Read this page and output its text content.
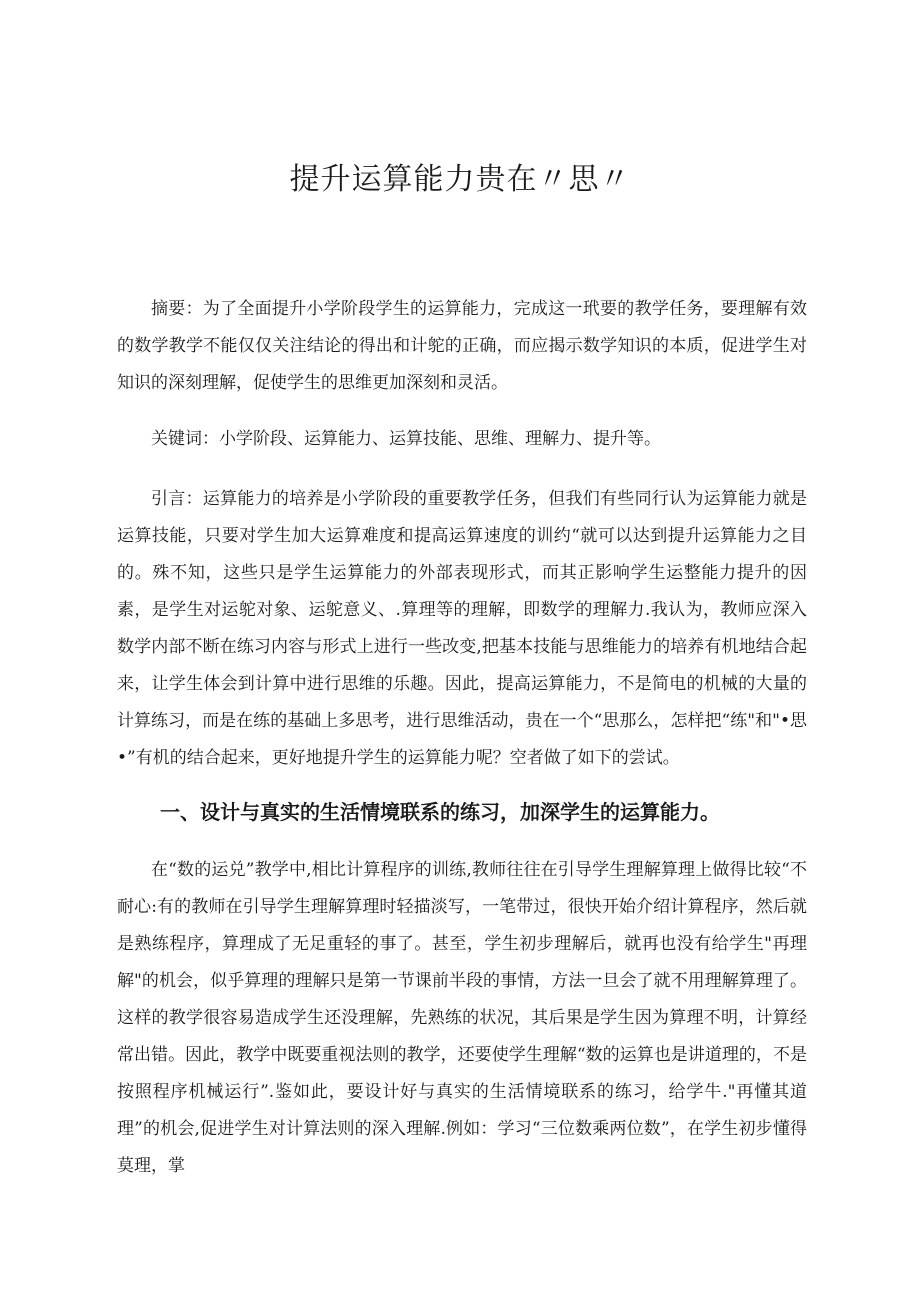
提升运算能力贵在〃思〃

摘要：为了全面提升小学阶段学生的运算能力，完成这一玳要的教学任务，要理解有效的数学教学不能仅仅关注结论的得出和计鸵的正确，而应揭示数学知识的本质，促进学生对知识的深刻理解，促使学生的思维更加深刻和灵活。

关键词：小学阶段、运算能力、运算技能、思维、理解力、提升等。

引言：运算能力的培养是小学阶段的重要教学任务，但我们有些同行认为运算能力就是运算技能，只要对学生加大运算难度和提高运算速度的训约“就可以达到提升运算能力之目的。殊不知，这些只是学生运算能力的外部表现形式，而其正影响学生运整能力提升的因素，是学生对运鸵对象、运鸵意义、.算理等的理解，即数学的理解力.我认为，教师应深入数学内部不断在练习内容与形式上进行一些改变,把基本技能与思维能力的培养有机地结合起来，让学生体会到计算中进行思维的乐趣。因此，提高运算能力，不是简电的机械的大量的计算练习，而是在练的基础上多思考，进行思维活动，贵在一个“思那么，怎样把“练"和"•思•”有机的结合起来，更好地提升学生的运算能力呢？空者做了如下的尝试。

一、设计与真实的生活情境联系的练习，加深学生的运算能力。

在“数的运兑”教学中,相比计算程序的训练,教师往往在引导学生理解算理上做得比较“不耐心:有的教师在引导学生理解算理时轻描淡写，一笔带过，很快开始介绍计算程序，然后就是熟练程序，算理成了无足重轻的事了。甚至，学生初步理解后，就再也没有给学生"再理解"的机会，似乎算理的理解只是第一节课前半段的事情，方法一旦会了就不用理解算理了。这样的教学很容易造成学生还没理解，先熟练的状况，其后果是学生因为算理不明，计算经常出错。因此，教学中既要重视法则的教学，还要使学生理解“数的运算也是讲道理的，不是按照程序机械运行”.鉴如此，要设计好与真实的生活情境联系的练习，给学牛."再懂其道理”的机会,促进学生对计算法则的深入理解.例如：学习“三位数乘两位数”，在学生初步懂得莫理，掌
